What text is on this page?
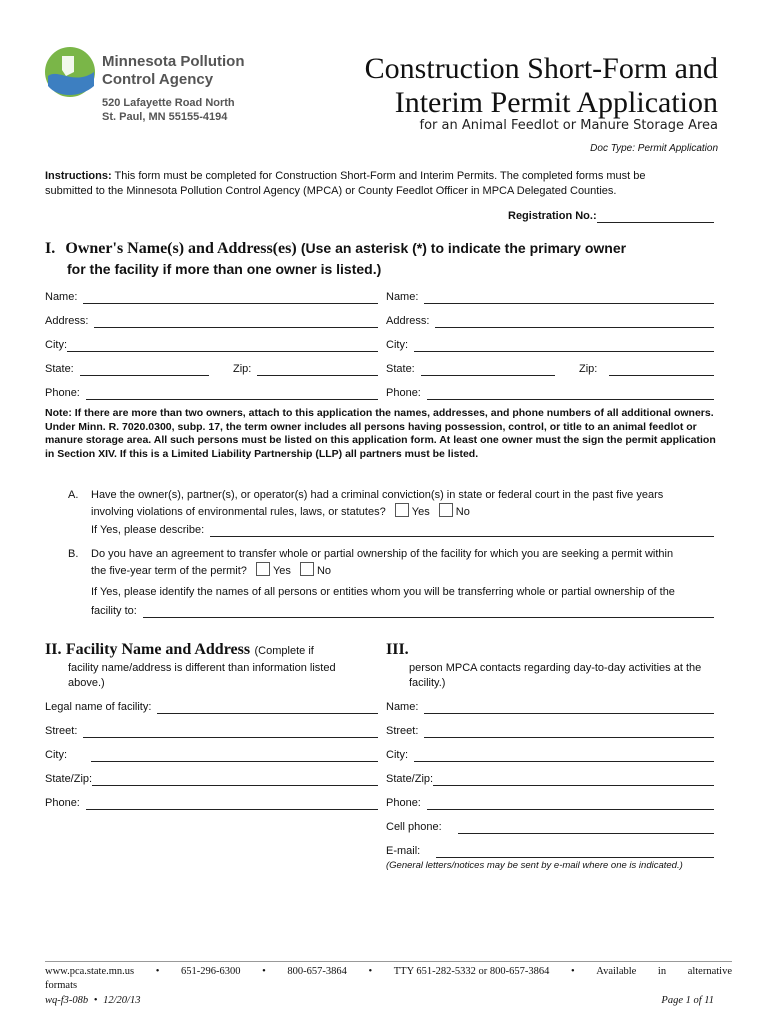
Minnesota Pollution
Control Agency
520 Lafayette Road North
St. Paul, MN 55155-4194
Construction Short-Form and
Interim Permit Application
for an Animal Feedlot or Manure Storage Area
Doc Type: Permit Application
Instructions: This form must be completed for Construction Short-Form and Interim Permits. The completed forms must be submitted to the Minnesota Pollution Control Agency (MPCA) or County Feedlot Officer in MPCA Delegated Counties.
Registration No.:
I. Owner's Name(s) and Address(es) (Use an asterisk (*) to indicate the primary owner
for the facility if more than one owner is listed.)
Name:
Address:
City:
State:	Zip:
Phone:
Name:
Address:
City:
State:	Zip:
Phone:
Note: If there are more than two owners, attach to this application the names, addresses, and phone numbers of all additional owners. Under Minn. R. 7020.0300, subp. 17, the term owner includes all persons having possession, control, or title to an animal feedlot or manure storage area. All such persons must be listed on this application form. At least one owner must the sign the permit application in Section XIV. If this is a Limited Liability Partnership (LLP) all partners must be listed.
A. Have the owner(s), partner(s), or operator(s) had a criminal conviction(s) in state or federal court in the past five years
involving violations of environmental rules, laws, or statutes? Yes No
If Yes, please describe:
B. Do you have an agreement to transfer whole or partial ownership of the facility for which you are seeking a permit within
the five-year term of the permit? Yes No
If Yes, please identify the names of all persons or entities whom you will be transferring whole or partial ownership of the
facility to:
II. Facility Name and Address (Complete if
facility name/address is different than information listed
above.)
Legal name of facility:
Street:
City:
State/Zip:
Phone:
III.
person MPCA contacts regarding day-to-day activities at the
facility.)
Name:
Street:
City:
State/Zip:
Phone:
Cell phone:
E-mail:
(General letters/notices may be sent by e-mail where one is indicated.)
www.pca.state.mn.us • 651-296-6300 • 800-657-3864 • TTY 651-282-5332 or 800-657-3864 • Available in alternative
formats
wq-f3-08b • 12/20/13	Page 1 of 11
